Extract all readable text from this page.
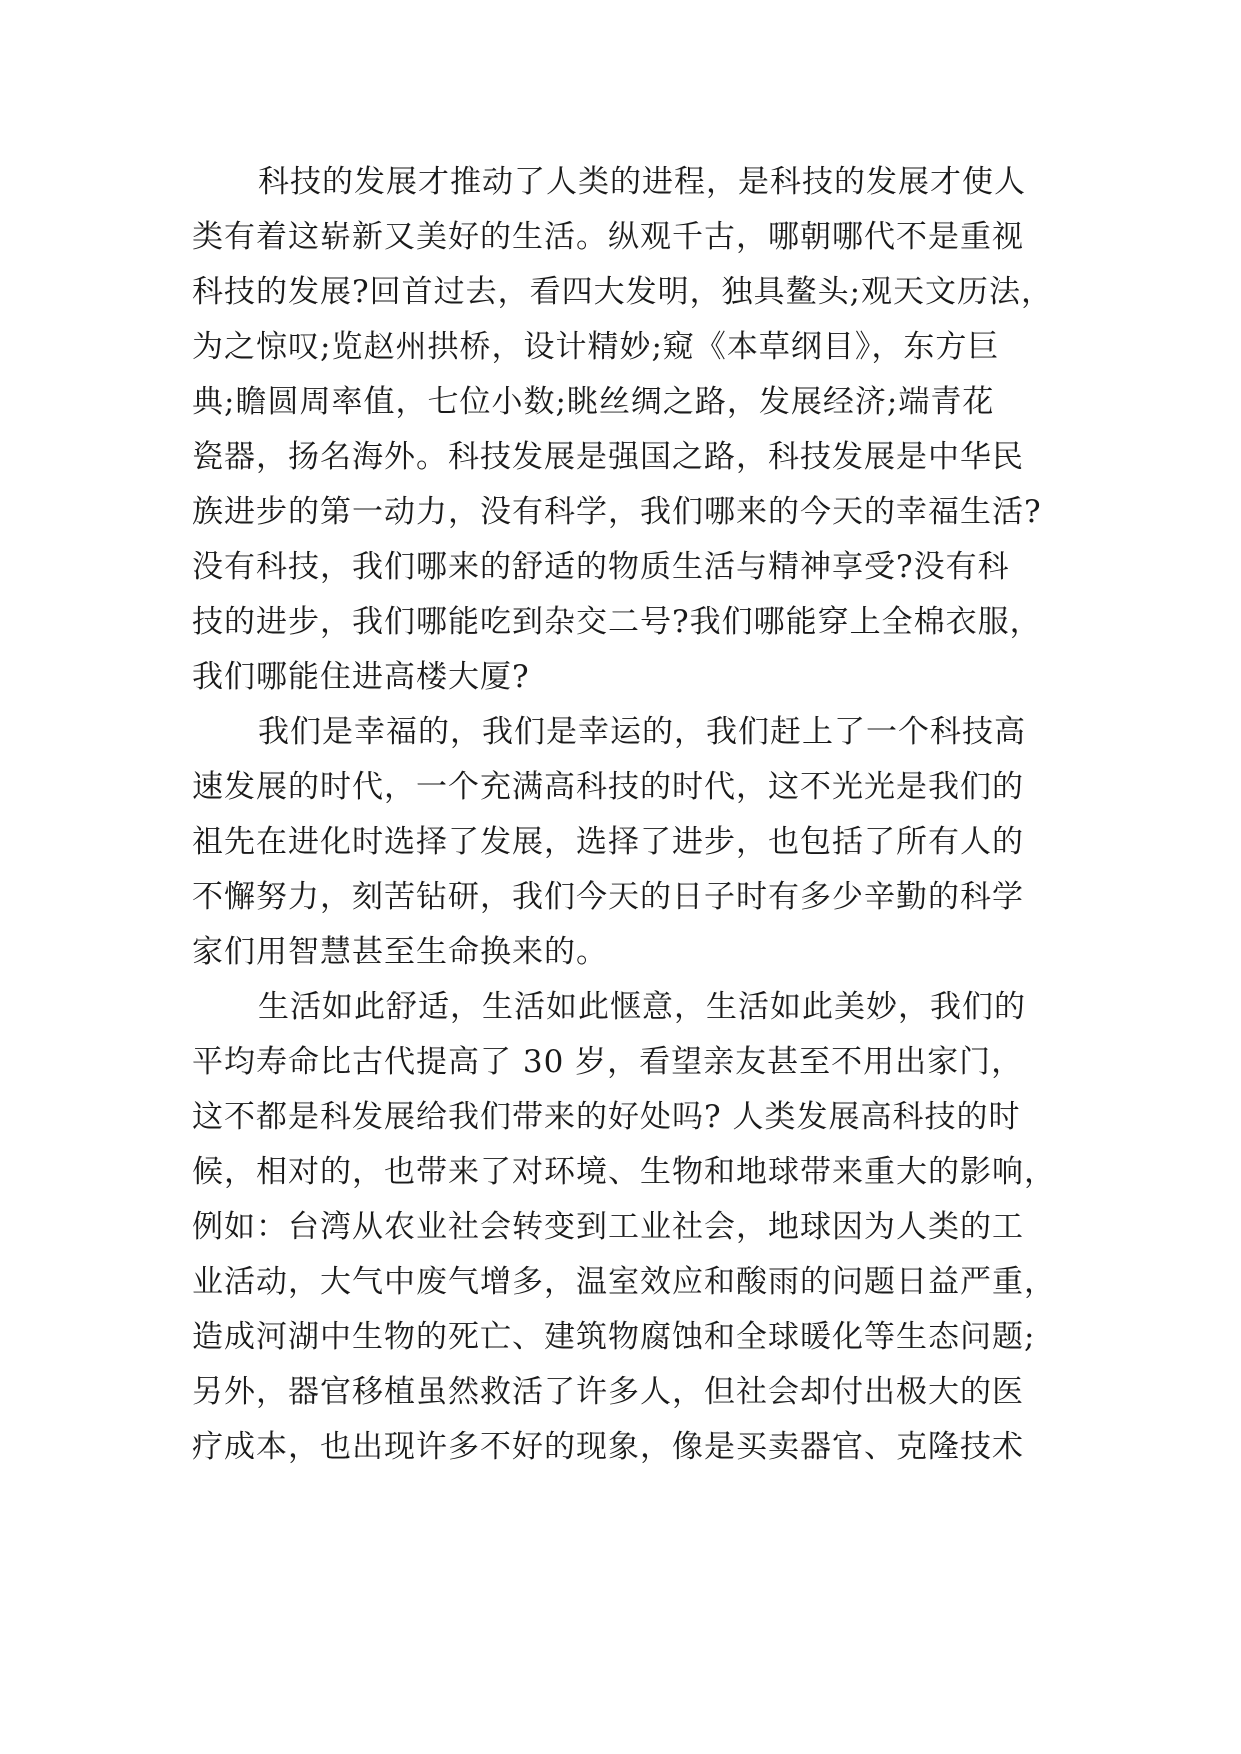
科技的发展才推动了人类的进程，是科技的发展才使人
类有着这崭新又美好的生活。纵观千古，哪朝哪代不是重视
科技的发展?回首过去，看四大发明，独具鳌头;观天文历法，
为之惊叹;览赵州拱桥，设计精妙;窥《本草纲目》，东方巨
典;瞻圆周率值，七位小数;眺丝绸之路，发展经济;端青花
瓷器，扬名海外。科技发展是强国之路，科技发展是中华民
族进步的第一动力，没有科学，我们哪来的今天的幸福生活?
没有科技，我们哪来的舒适的物质生活与精神享受?没有科
技的进步，我们哪能吃到杂交二号?我们哪能穿上全棉衣服，
我们哪能住进高楼大厦?
我们是幸福的，我们是幸运的，我们赶上了一个科技高
速发展的时代，一个充满高科技的时代，这不光光是我们的
祖先在进化时选择了发展，选择了进步，也包括了所有人的
不懈努力，刻苦钻研，我们今天的日子时有多少辛勤的科学
家们用智慧甚至生命换来的。
生活如此舒适，生活如此惬意，生活如此美妙，我们的
平均寿命比古代提高了 30 岁，看望亲友甚至不用出家门，
这不都是科发展给我们带来的好处吗? 人类发展高科技的时
候，相对的，也带来了对环境、生物和地球带来重大的影响，
例如：台湾从农业社会转变到工业社会，地球因为人类的工
业活动，大气中废气增多，温室效应和酸雨的问题日益严重，
造成河湖中生物的死亡、建筑物腐蚀和全球暖化等生态问题;
另外，器官移植虽然救活了许多人，但社会却付出极大的医
疗成本，也出现许多不好的现象，像是买卖器官、克隆技术
